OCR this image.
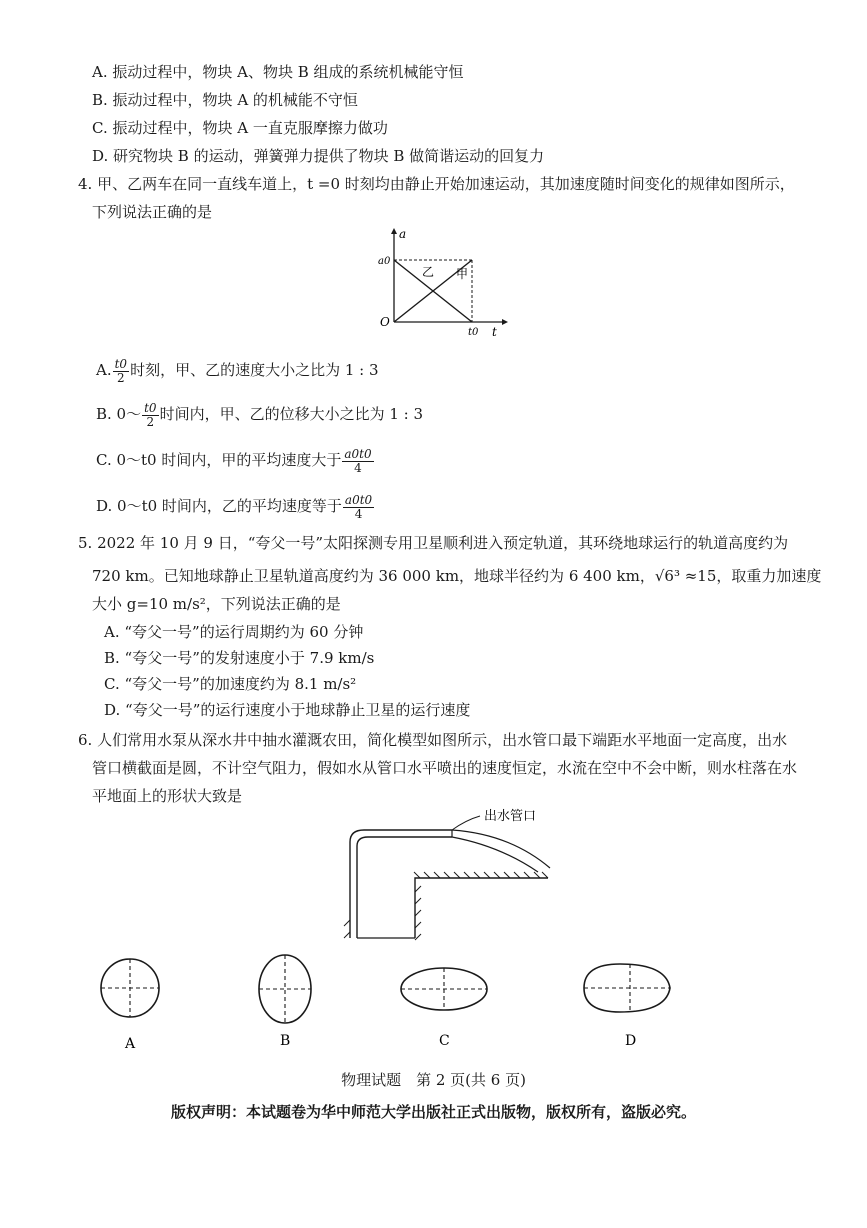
A. 振动过程中，物块 A、物块 B 组成的系统机械能守恒
B. 振动过程中，物块 A 的机械能不守恒
C. 振动过程中，物块 A 一直克服摩擦力做功
D. 研究物块 B 的运动，弹簧弹力提供了物块 B 做简谐运动的回复力
4. 甲、乙两车在同一直线车道上，t =0 时刻均由静止开始加速运动，其加速度随时间变化的规律如图所示，
下列说法正确的是
a
t
O
a0
t0
乙 甲
A. $\frac{t0}{2}$ 时刻，甲、乙的速度大小之比为 1 : 3
B. 0～ $\frac{t0}{2}$ 时间内，甲、乙的位移大小之比为 1 : 3
C. 0～t0 时间内，甲的平均速度大于 $\frac{a0t0}{4}$
D. 0～t0 时间内，乙的平均速度等于 $\frac{a0t0}{4}$
5. 2022 年 10 月 9 日，“夸父一号”太阳探测专用卫星顺利进入预定轨道，其环绕地球运行的轨道高度约为
720 km。已知地球静止卫星轨道高度约为 36 000 km，地球半径约为 6 400 km，√6³ ≈15，取重力加速度
大小 g=10 m/s²，下列说法正确的是
A. “夸父一号”的运行周期约为 60 分钟
B. “夸父一号”的发射速度小于 7.9 km/s
C. “夸父一号”的加速度约为 8.1 m/s²
D. “夸父一号”的运行速度小于地球静止卫星的运行速度
6. 人们常用水泵从深水井中抽水灌溉农田，简化模型如图所示，出水管口最下端距水平地面一定高度，出水
管口横截面是圆，不计空气阻力，假如水从管口水平喷出的速度恒定，水流在空中不会中断，则水柱落在水
平地面上的形状大致是
出水管口
A	B	C	D
物理试题　第 2 页(共 6 页)
版权声明：本试题卷为华中师范大学出版社正式出版物，版权所有，盗版必究。
